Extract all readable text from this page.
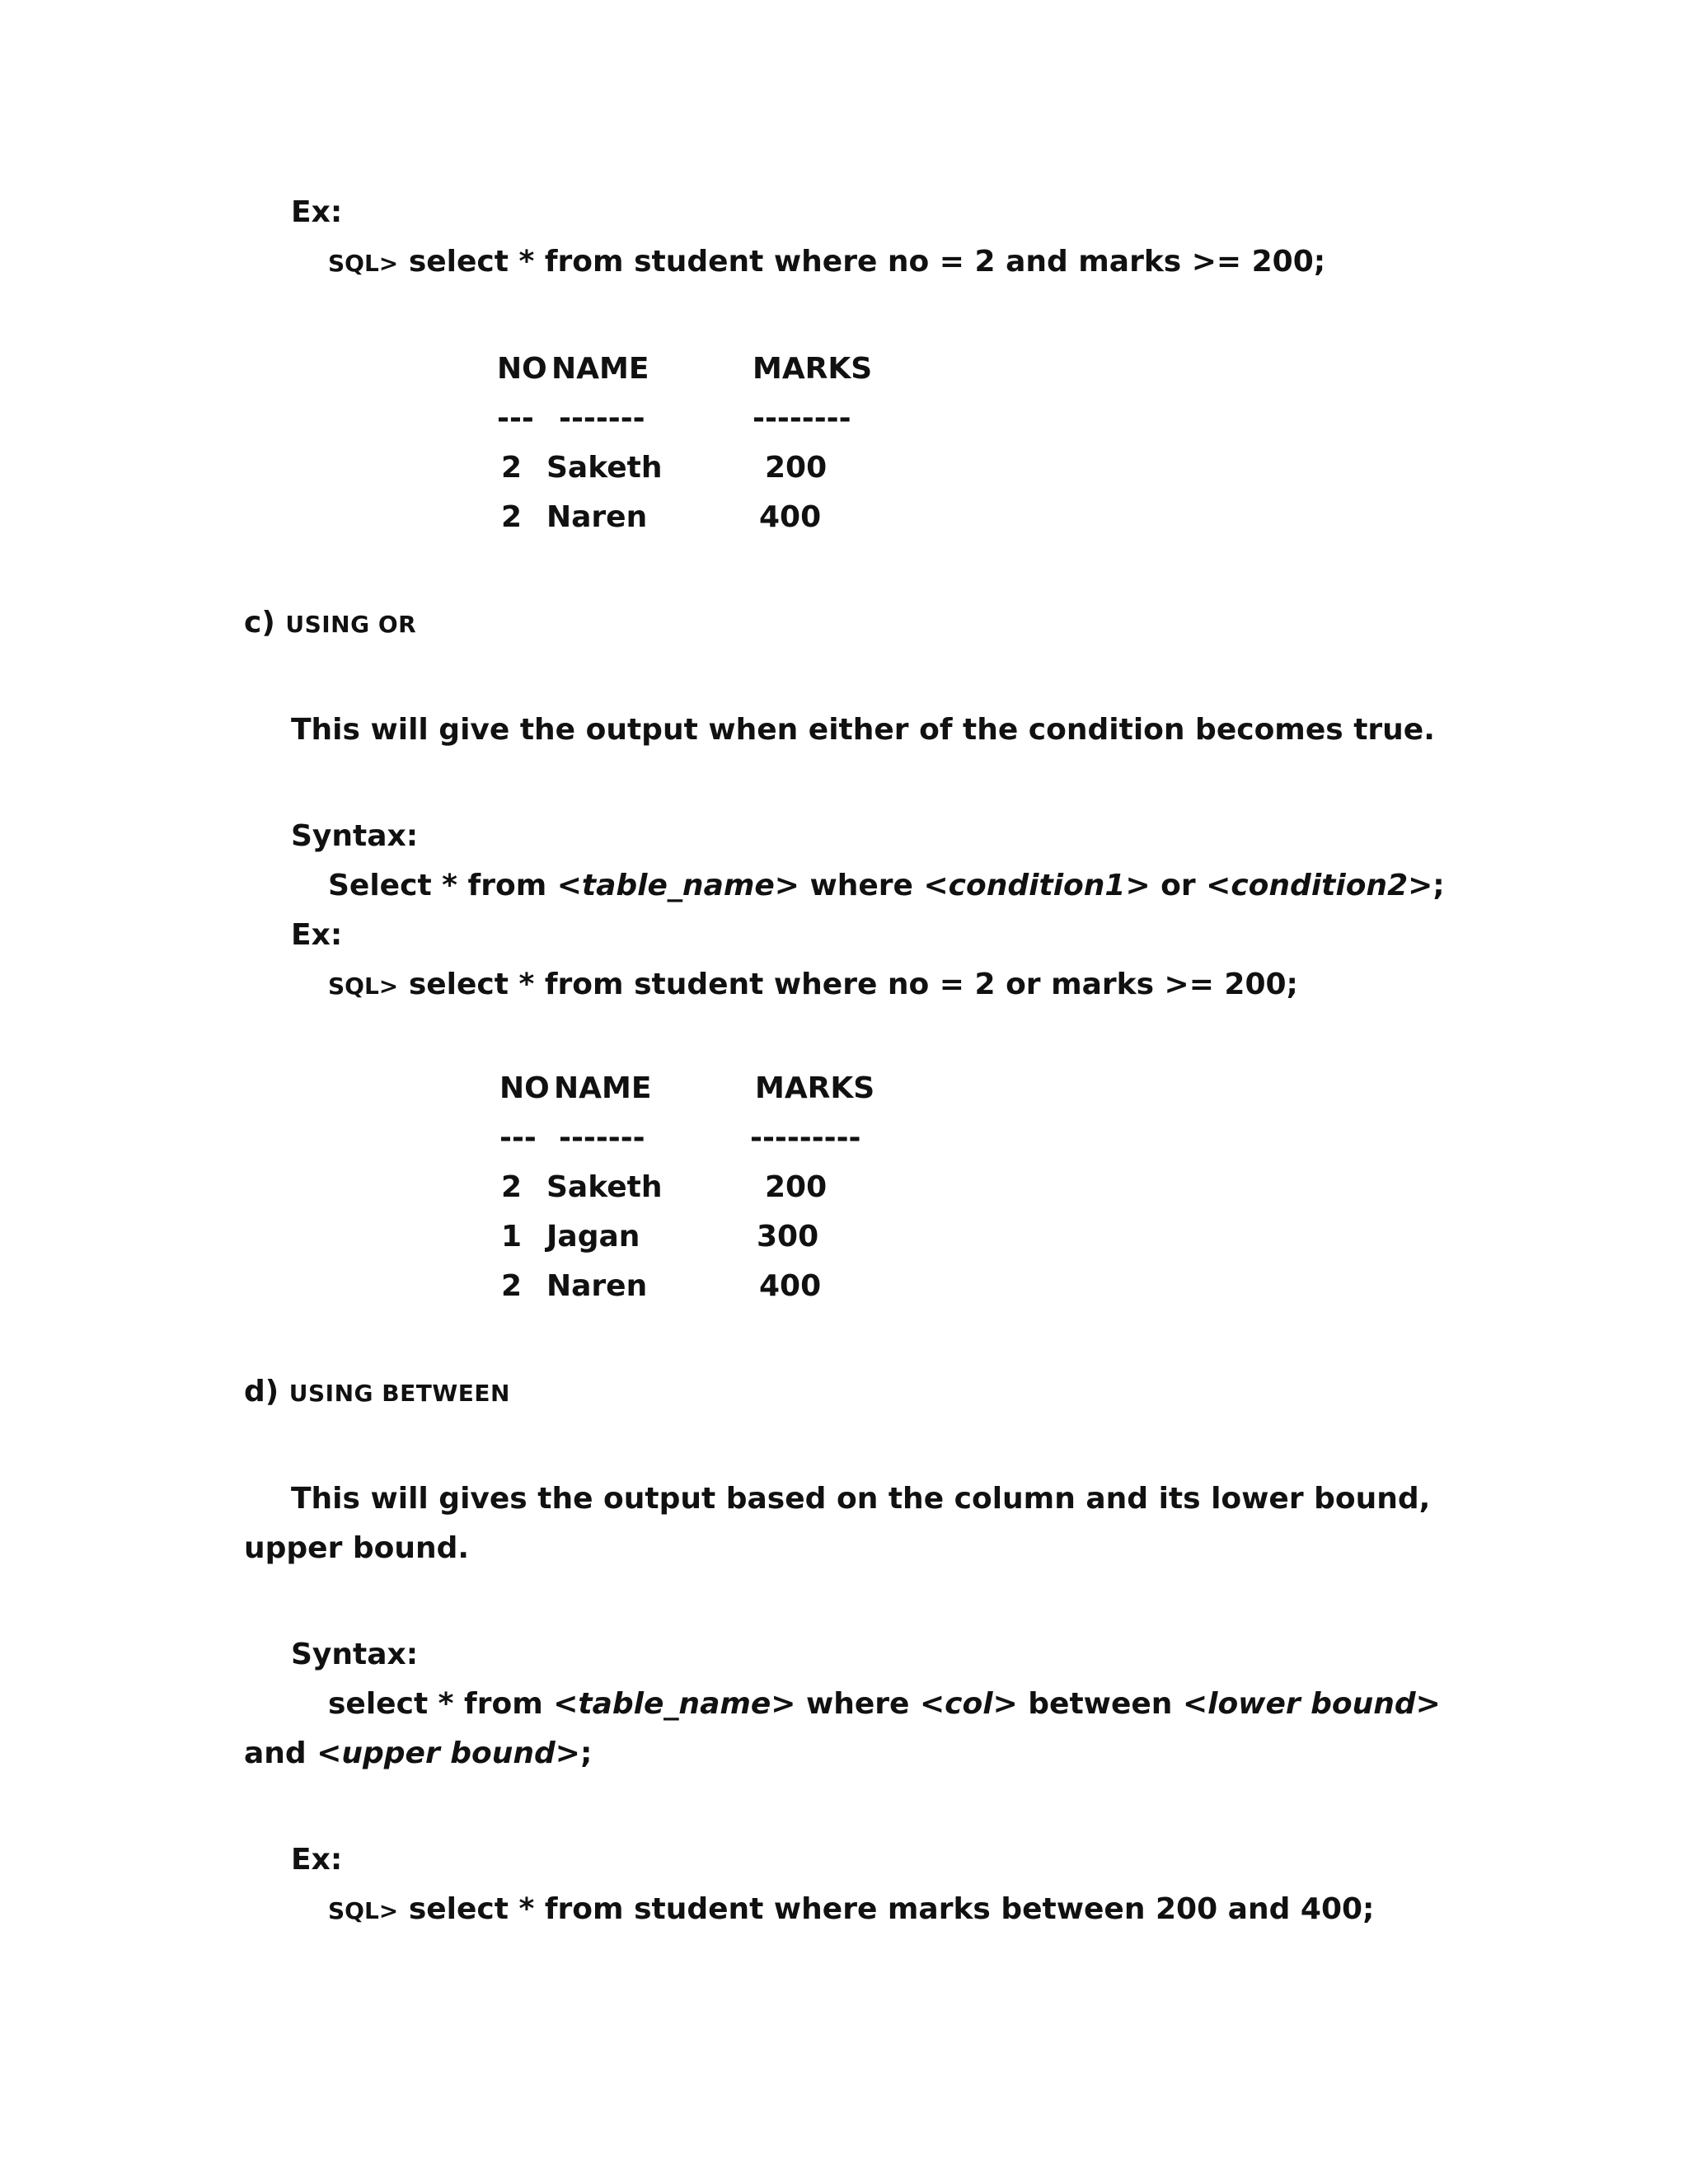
Ex:
SQL> select * from student where no = 2 and marks >= 200;
NO NAME	MARKS
--- -------	--------
2 Saketh	200
2 Naren	400
c) USING OR
This will give the output when either of the condition becomes true.
Syntax:
Select * from <table_name> where <condition1> or <condition2>;
Ex:
SQL> select * from student where no = 2 or marks >= 200;
NO NAME	MARKS
--- -------	---------
2 Saketh	200
1 Jagan	300
2 Naren	400
d) USING BETWEEN
This will gives the output based on the column and its lower bound,
upper bound.
Syntax:
select * from <table_name> where <col> between <lower bound>
and <upper bound>;
Ex:
SQL> select * from student where marks between 200 and 400;
